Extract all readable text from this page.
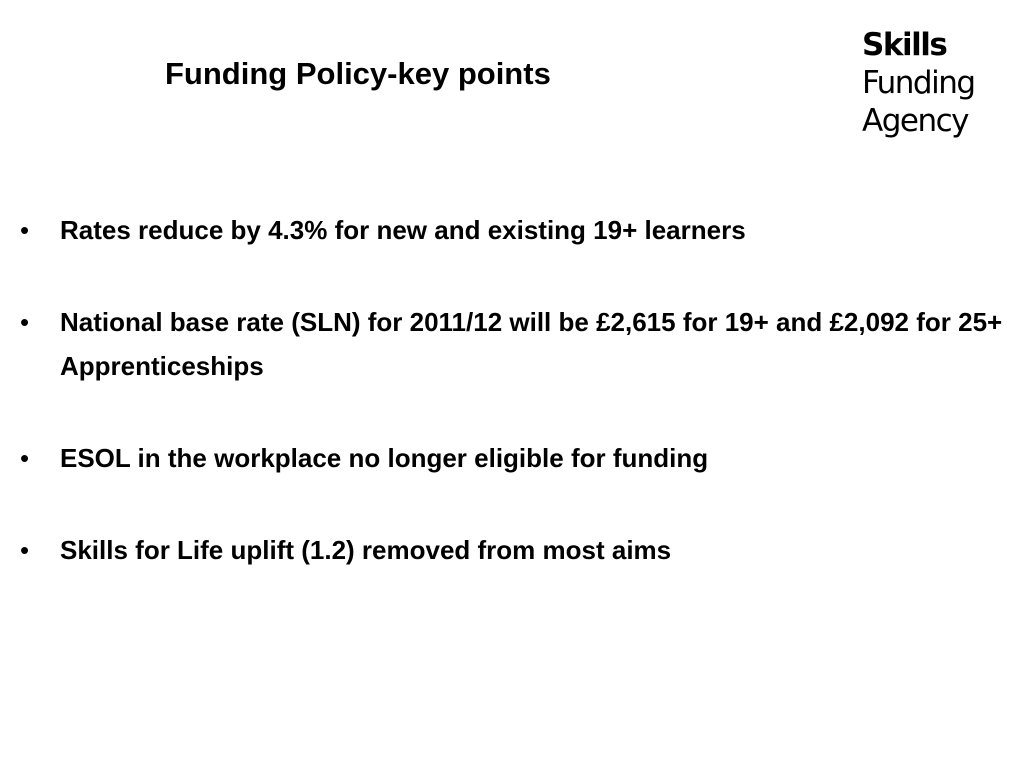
Funding Policy-key points
Skills
Funding
Agency
•	Rates reduce by 4.3% for new and existing 19+ learners
•	National base rate (SLN) for 2011/12 will be £2,615 for 19+ and £2,092 for 25+ Apprenticeships
•	ESOL in the workplace no longer eligible for funding
•	Skills for Life uplift (1.2) removed from most aims
